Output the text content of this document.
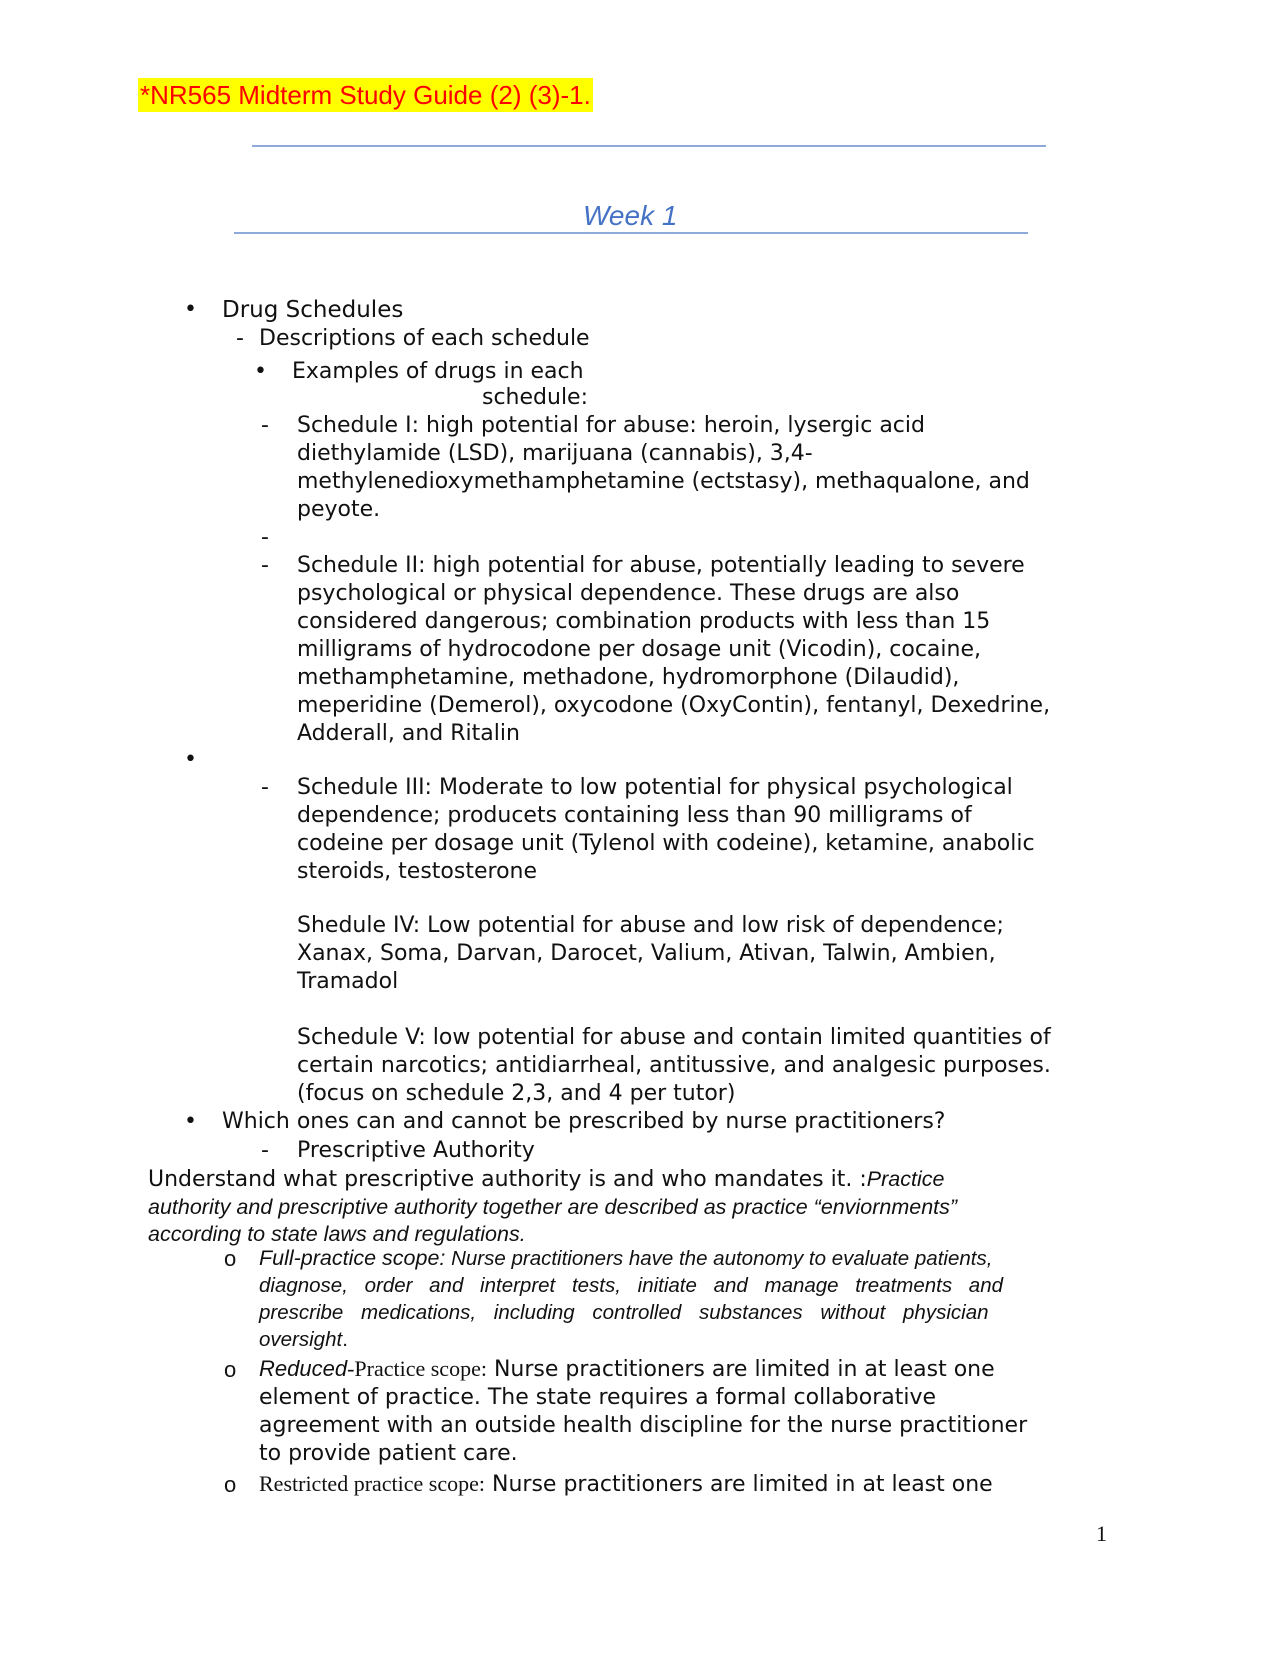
*NR565 Midterm Study Guide (2) (3)-1.
Week 1
• Drug Schedules
- Descriptions of each schedule
• Examples of drugs in each
schedule:
- Schedule I: high potential for abuse: heroin, lysergic acid
diethylamide (LSD), marijuana (cannabis), 3,4-
methylenedioxymethamphetamine (ectstasy), methaqualone, and
peyote.
-
- Schedule II: high potential for abuse, potentially leading to severe
psychological or physical dependence. These drugs are also
considered dangerous; combination products with less than 15
milligrams of hydrocodone per dosage unit (Vicodin), cocaine,
methamphetamine, methadone, hydromorphone (Dilaudid),
meperidine (Demerol), oxycodone (OxyContin), fentanyl, Dexedrine,
Adderall, and Ritalin
•
- Schedule III: Moderate to low potential for physical psychological
dependence; producets containing less than 90 milligrams of
codeine per dosage unit (Tylenol with codeine), ketamine, anabolic
steroids, testosterone
Shedule IV: Low potential for abuse and low risk of dependence;
Xanax, Soma, Darvan, Darocet, Valium, Ativan, Talwin, Ambien,
Tramadol
Schedule V: low potential for abuse and contain limited quantities of
certain narcotics; antidiarrheal, antitussive, and analgesic purposes.
(focus on schedule 2,3, and 4 per tutor)
• Which ones can and cannot be prescribed by nurse practitioners?
- Prescriptive Authority
Understand what prescriptive authority is and who mandates it. :Practice
authority and prescriptive authority together are described as practice “enviornments”
according to state laws and regulations.
o Full-practice scope: Nurse practitioners have the autonomy to evaluate patients,
diagnose, order and interpret tests, initiate and manage treatments and
prescribe medications, including controlled substances without physician
oversight.
o Reduced-Practice scope: Nurse practitioners are limited in at least one
element of practice. The state requires a formal collaborative
agreement with an outside health discipline for the nurse practitioner
to provide patient care.
o Restricted practice scope: Nurse practitioners are limited in at least one
1
